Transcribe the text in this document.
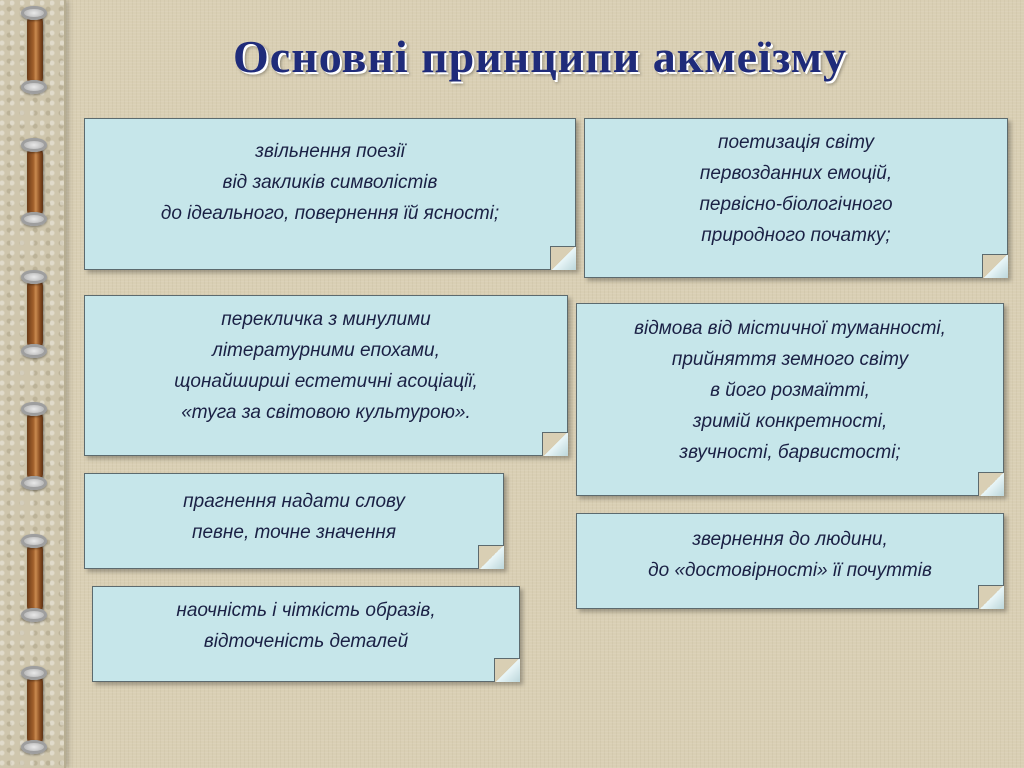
Основні принципи акмеїзму
звільнення поезії
від закликів символістів
до ідеального, повернення їй ясності;
поетизація світу
первозданних емоцій,
первісно-біологічного
природного початку;
перекличка з минулими
літературними епохами,
щонайширші естетичні асоціації,
«туга за світовою культурою».
відмова від містичної туманності,
прийняття земного світу
в його розмаїтті,
зримій конкретності,
звучності, барвистості;
прагнення надати слову
певне, точне значення	звернення до людини,
до «достовірності» її почуттів
наочність і чіткість образів,
відточеність деталей
